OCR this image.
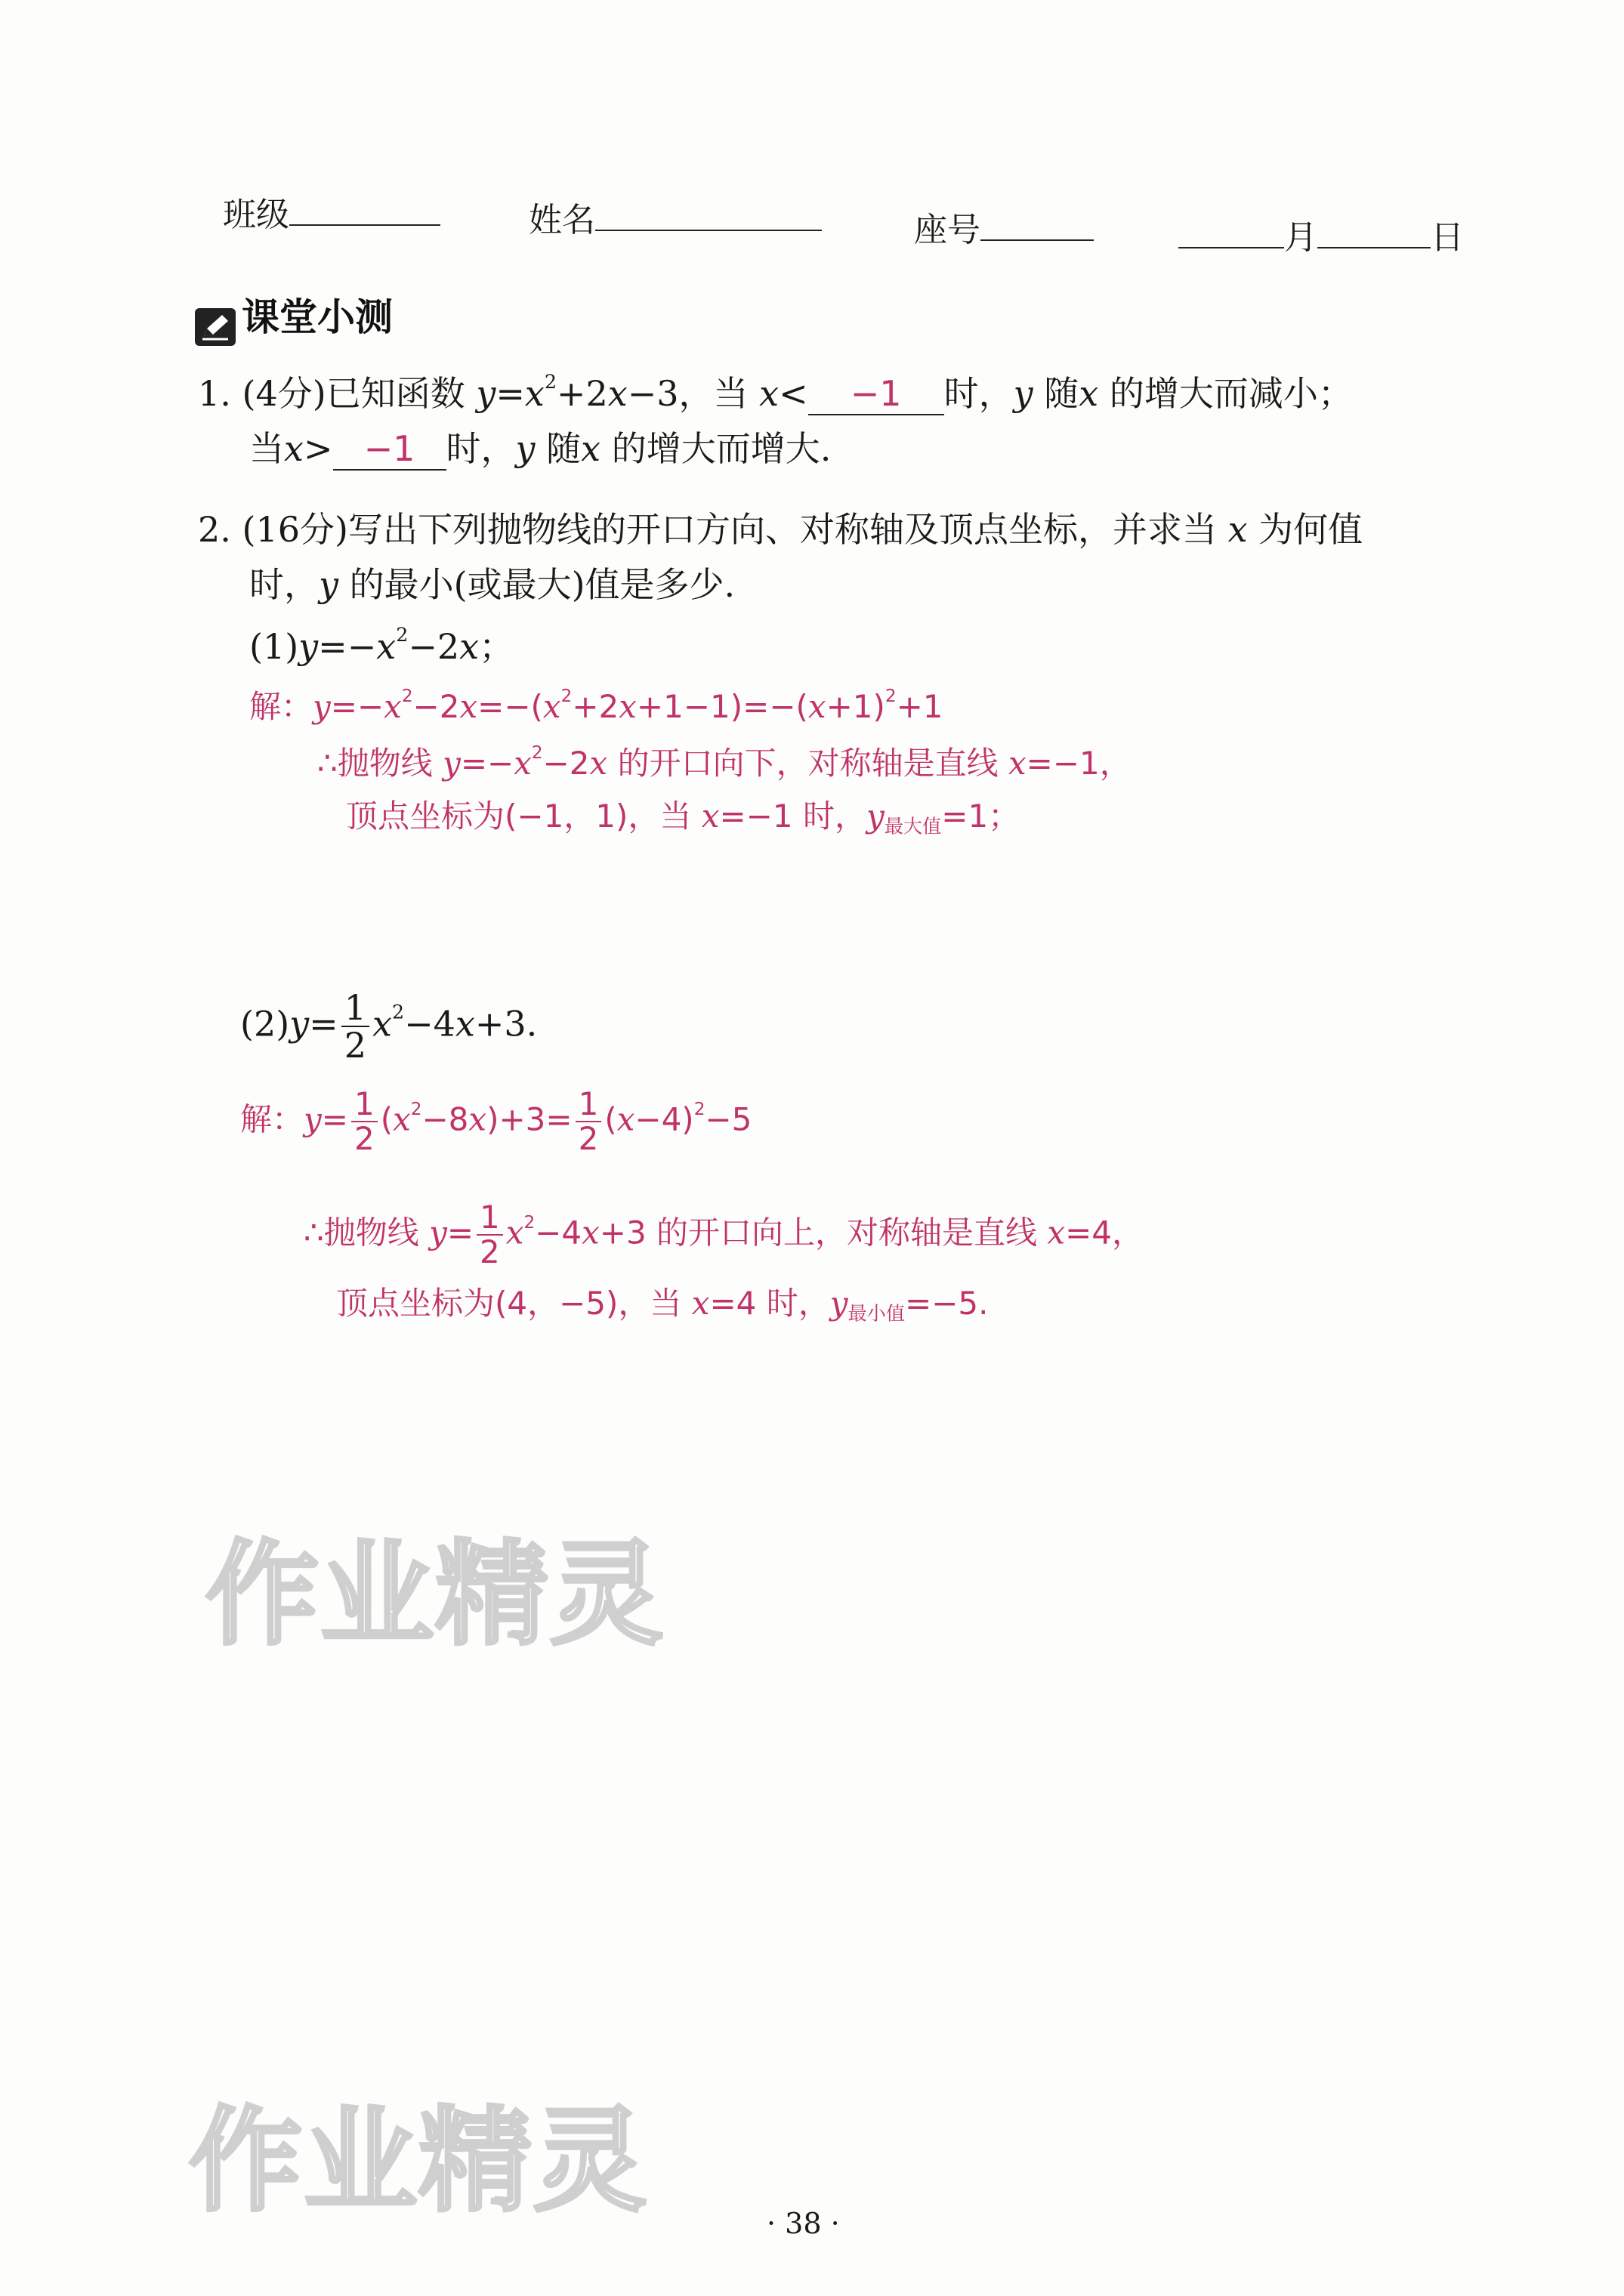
班级	姓名	座号	月	日
课堂小测
1. (4分)已知函数 $y=x^2+2x-3$，当 x< −1 时，y 随x 的增大而减小；
当x> −1 时，y 随x 的增大而增大.
2. (16分)写出下列抛物线的开口方向、对称轴及顶点坐标，并求当 x 为何值
时，y 的最小(或最大)值是多少.
$(1)y=-x^2-2x$；
解：$y=-x^2-2x=-(x^2+2x+1-1)=-(x+1)^2+1$
∴抛物线 $y=-x^2-2x$ 的开口向下，对称轴是直线 x=−1，
顶点坐标为(−1，1)，当 x=−1 时，$y_{最大值}=1$；
$(2)y= \frac{1}{2} x^2-4x+3$.
解：$y= \frac{1}{2} (x^2-8x)+3= \frac{1}{2} (x-4)^2-5$
∴抛物线 $y= \frac{1}{2} x^2-4x+3$ 的开口向上，对称轴是直线 x=4，
顶点坐标为(4，−5)，当 x=4 时，$y_{最小值}=-5$.
作业精灵
作业精灵	· 38 ·
